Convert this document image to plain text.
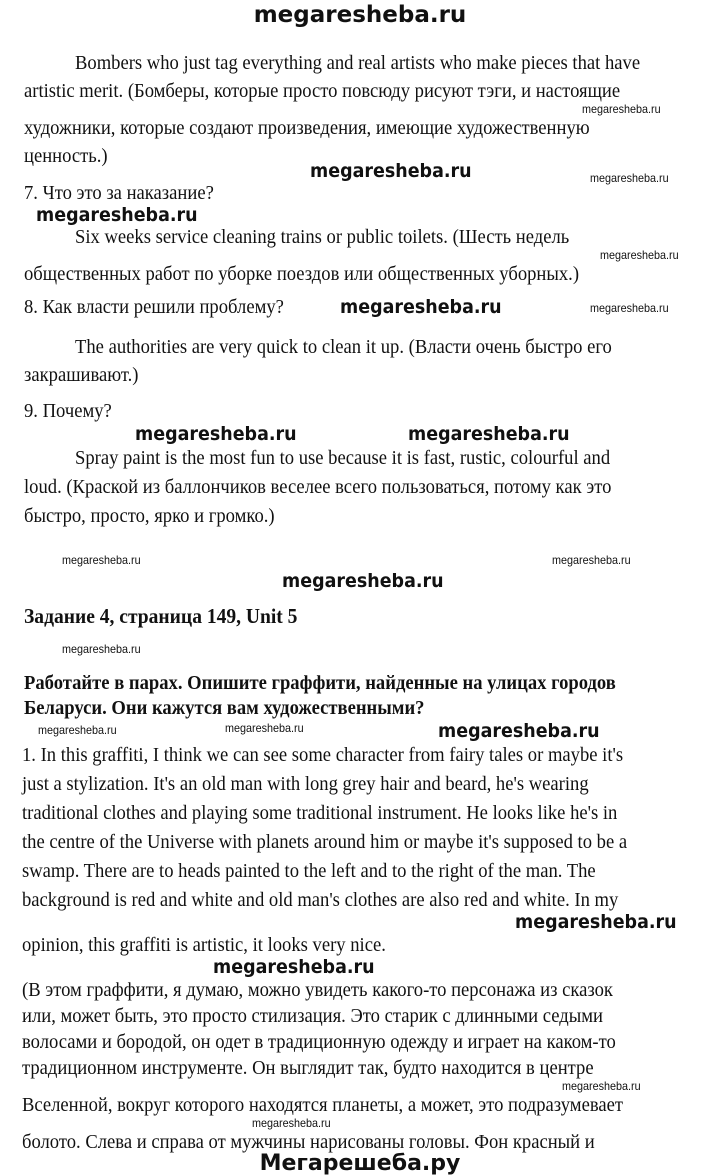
megaresheba.ru
Bombers who just tag everything and real artists who make pieces that have
artistic merit. (Бомберы, которые просто повсюду рисуют тэги, и настоящие
megaresheba.ru
художники, которые создают произведения, имеющие художественную
ценность.)
megaresheba.ru	megaresheba.ru
7. Что это за наказание?
megaresheba.ru
Six weeks service cleaning trains or public toilets. (Шесть недель
megaresheba.ru
общественных работ по уборке поездов или общественных уборных.)
8. Как власти решили проблему?	megaresheba.ru	megaresheba.ru
The authorities are very quick to clean it up. (Власти очень быстро его
закрашивают.)
9. Почему?
megaresheba.ru	megaresheba.ru
Spray paint is the most fun to use because it is fast, rustic, colourful and
loud. (Краской из баллончиков веселее всего пользоваться, потому как это
быстро, просто, ярко и громко.)
megaresheba.ru	megaresheba.ru
megaresheba.ru
Задание 4, страница 149, Unit 5
megaresheba.ru
Работайте в парах. Опишите граффити, найденные на улицах городов
Беларуси. Они кажутся вам художественными?
megaresheba.ru	megaresheba.ru	megaresheba.ru
1. In this graffiti, I think we can see some character from fairy tales or maybe it's
just a stylization. It's an old man with long grey hair and beard, he's wearing
traditional clothes and playing some traditional instrument. He looks like he's in
the centre of the Universe with planets around him or maybe it's supposed to be a
swamp. There are to heads painted to the left and to the right of the man. The
background is red and white and old man's clothes are also red and white. In my
megaresheba.ru
opinion, this graffiti is artistic, it looks very nice.
megaresheba.ru
(В этом граффити, я думаю, можно увидеть какого-то персонажа из сказок
или, может быть, это просто стилизация. Это старик с длинными седыми
волосами и бородой, он одет в традиционную одежду и играет на каком-то
традиционном инструменте. Он выглядит так, будто находится в центре
megaresheba.ru
Вселенной, вокруг которого находятся планеты, а может, это подразумевает
megaresheba.ru
болото. Слева и справа от мужчины нарисованы головы. Фон красный и
Мегарешеба.ру
